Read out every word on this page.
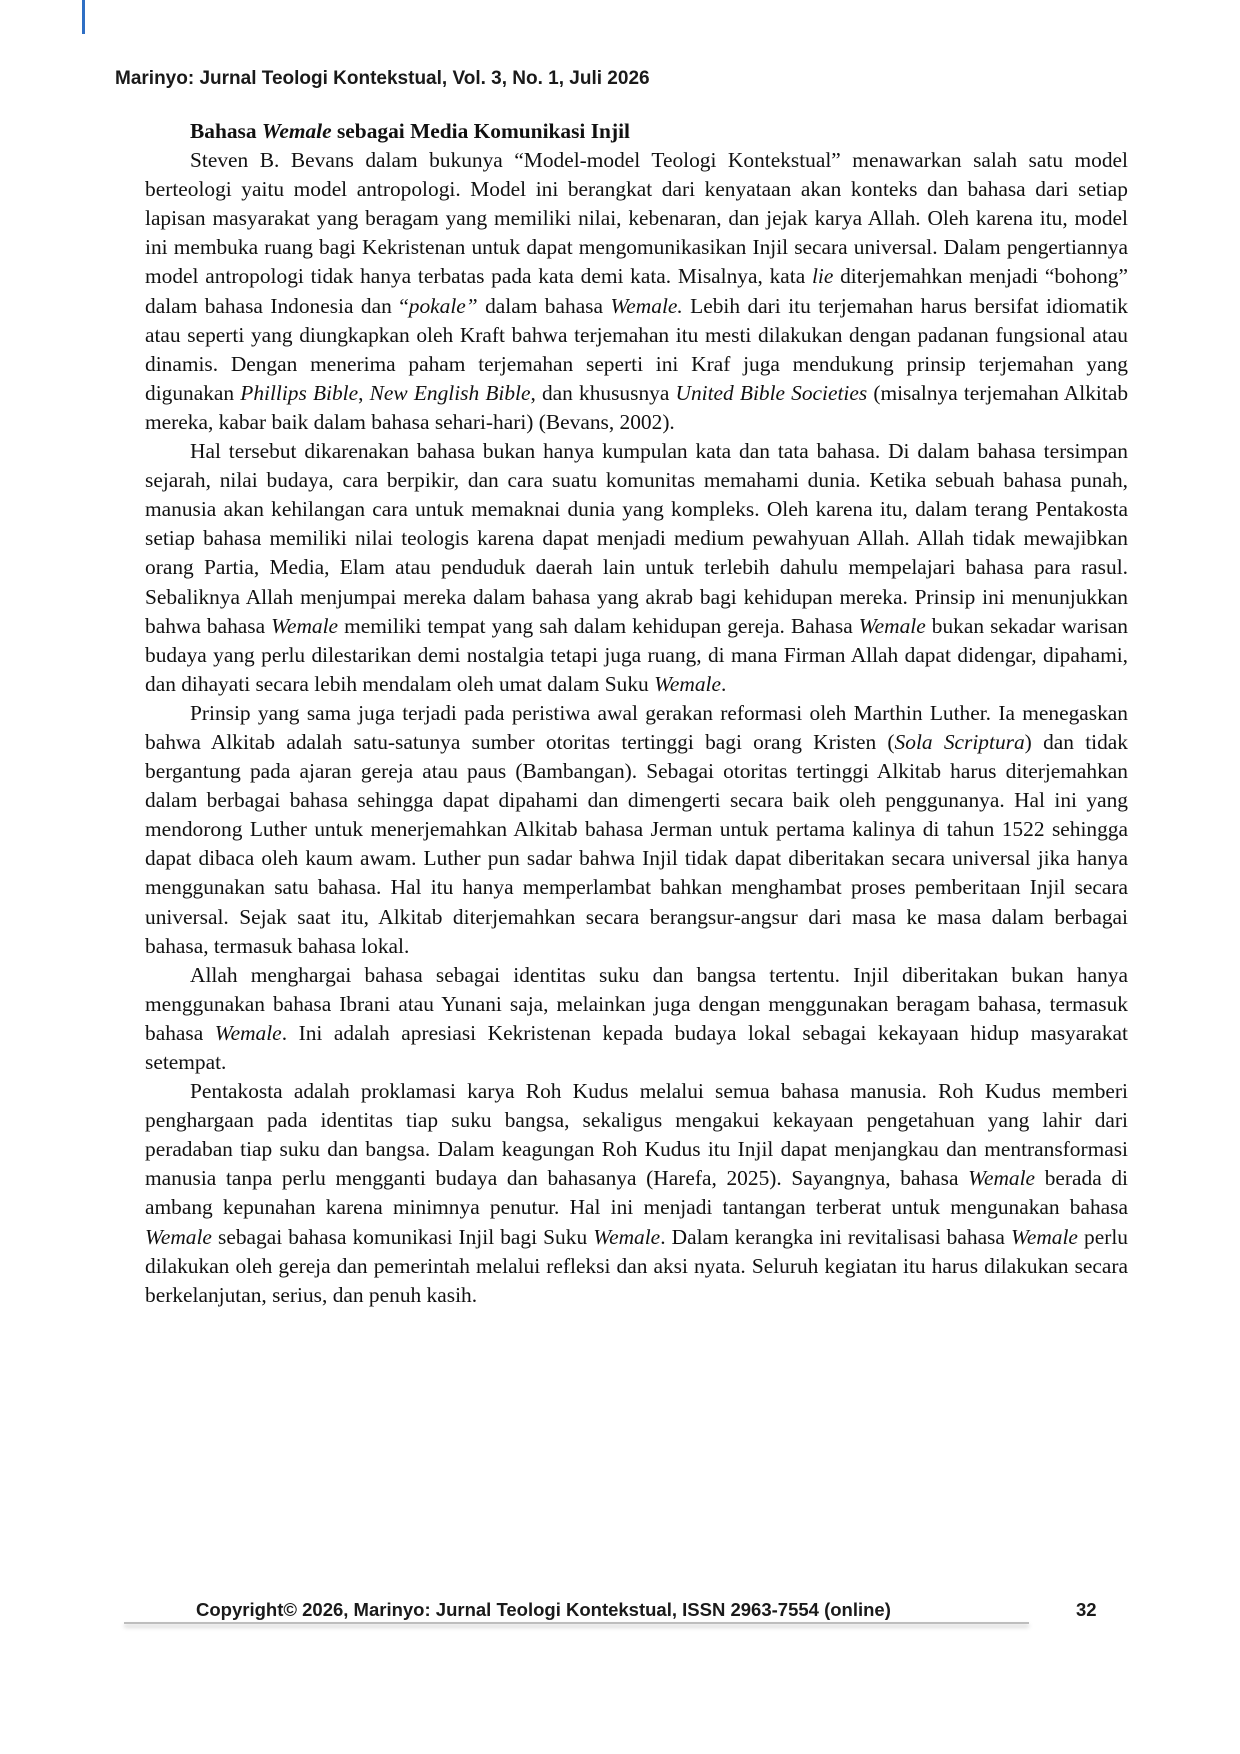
Marinyo: Jurnal Teologi Kontekstual, Vol. 3, No. 1, Juli 2026
Bahasa Wemale sebagai Media Komunikasi Injil

Steven B. Bevans dalam bukunya “Model-model Teologi Kontekstual” menawarkan salah satu model berteologi yaitu model antropologi. Model ini berangkat dari kenyataan akan konteks dan bahasa dari setiap lapisan masyarakat yang beragam yang memiliki nilai, kebenaran, dan jejak karya Allah. Oleh karena itu, model ini membuka ruang bagi Kekristenan untuk dapat mengomunikasikan Injil secara universal. Dalam pengertiannya model antropologi tidak hanya terbatas pada kata demi kata. Misalnya, kata lie diterjemahkan menjadi “bohong” dalam bahasa Indonesia dan “pokale” dalam bahasa Wemale. Lebih dari itu terjemahan harus bersifat idiomatik atau seperti yang diungkapkan oleh Kraft bahwa terjemahan itu mesti dilakukan dengan padanan fungsional atau dinamis. Dengan menerima paham terjemahan seperti ini Kraf juga mendukung prinsip terjemahan yang digunakan Phillips Bible, New English Bible, dan khususnya United Bible Societies (misalnya terjemahan Alkitab mereka, kabar baik dalam bahasa sehari-hari) (Bevans, 2002).

Hal tersebut dikarenakan bahasa bukan hanya kumpulan kata dan tata bahasa. Di dalam bahasa tersimpan sejarah, nilai budaya, cara berpikir, dan cara suatu komunitas memahami dunia. Ketika sebuah bahasa punah, manusia akan kehilangan cara untuk memaknai dunia yang kompleks. Oleh karena itu, dalam terang Pentakosta setiap bahasa memiliki nilai teologis karena dapat menjadi medium pewahyuan Allah. Allah tidak mewajibkan orang Partia, Media, Elam atau penduduk daerah lain untuk terlebih dahulu mempelajari bahasa para rasul. Sebaliknya Allah menjumpai mereka dalam bahasa yang akrab bagi kehidupan mereka. Prinsip ini menunjukkan bahwa bahasa Wemale memiliki tempat yang sah dalam kehidupan gereja. Bahasa Wemale bukan sekadar warisan budaya yang perlu dilestarikan demi nostalgia tetapi juga ruang, di mana Firman Allah dapat didengar, dipahami, dan dihayati secara lebih mendalam oleh umat dalam Suku Wemale.

Prinsip yang sama juga terjadi pada peristiwa awal gerakan reformasi oleh Marthin Luther. Ia menegaskan bahwa Alkitab adalah satu-satunya sumber otoritas tertinggi bagi orang Kristen (Sola Scriptura) dan tidak bergantung pada ajaran gereja atau paus (Bambangan). Sebagai otoritas tertinggi Alkitab harus diterjemahkan dalam berbagai bahasa sehingga dapat dipahami dan dimengerti secara baik oleh penggunanya. Hal ini yang mendorong Luther untuk menerjemahkan Alkitab bahasa Jerman untuk pertama kalinya di tahun 1522 sehingga dapat dibaca oleh kaum awam. Luther pun sadar bahwa Injil tidak dapat diberitakan secara universal jika hanya menggunakan satu bahasa. Hal itu hanya memperlambat bahkan menghambat proses pemberitaan Injil secara universal. Sejak saat itu, Alkitab diterjemahkan secara berangsur-angsur dari masa ke masa dalam berbagai bahasa, termasuk bahasa lokal.

Allah menghargai bahasa sebagai identitas suku dan bangsa tertentu. Injil diberitakan bukan hanya menggunakan bahasa Ibrani atau Yunani saja, melainkan juga dengan menggunakan beragam bahasa, termasuk bahasa Wemale. Ini adalah apresiasi Kekristenan kepada budaya lokal sebagai kekayaan hidup masyarakat setempat.

Pentakosta adalah proklamasi karya Roh Kudus melalui semua bahasa manusia. Roh Kudus memberi penghargaan pada identitas tiap suku bangsa, sekaligus mengakui kekayaan pengetahuan yang lahir dari peradaban tiap suku dan bangsa. Dalam keagungan Roh Kudus itu Injil dapat menjangkau dan mentransformasi manusia tanpa perlu mengganti budaya dan bahasanya (Harefa, 2025). Sayangnya, bahasa Wemale berada di ambang kepunahan karena minimnya penutur. Hal ini menjadi tantangan terberat untuk mengunakan bahasa Wemale sebagai bahasa komunikasi Injil bagi Suku Wemale. Dalam kerangka ini revitalisasi bahasa Wemale perlu dilakukan oleh gereja dan pemerintah melalui refleksi dan aksi nyata. Seluruh kegiatan itu harus dilakukan secara berkelanjutan, serius, dan penuh kasih.

Copyright© 2026, Marinyo: Jurnal Teologi Kontekstual, ISSN 2963-7554 (online)	32
